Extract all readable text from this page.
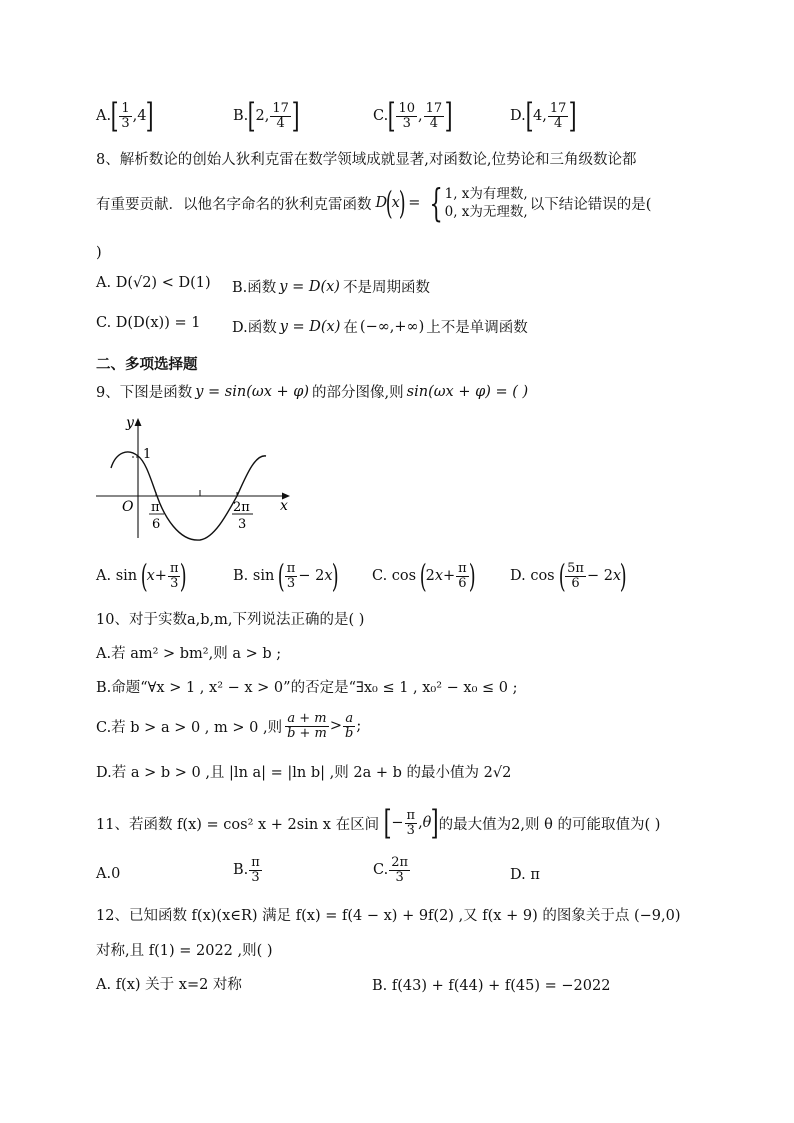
A. [ $\frac{1}{3}$ , 4 ]	B. [ 2, $\frac{17}{4}$ ]	C. [ $\frac{10}{3}$ , $\frac{17}{4}$ ]	D. [ 4, $\frac{17}{4}$ ]
8、解析数论的创始人狄利克雷在数学领域成就显著,对函数论,位势论和三角级数论都
有重要贡献．以他名字命名的狄利克雷函数 D
(
x
) = { 1, x为有理数,
0, x为无理数, 以下结论错误的是(
)
A. D(√2) < D(1) B.函数 y = D(x) 不是周期函数
C. D(D(x)) = 1 D.函数 y = D(x) 在 (−∞,+∞) 上不是单调函数
二、多项选择题
9、下图是函数 y = sin(ωx + φ) 的部分图像,则 sin(ωx + φ) = ( )
y
x
O
1
π
6
2π
3
A. sin (
$x + \frac{\pi}{3}$ )	B. sin ( $\frac{\pi}{3} - 2$ x
) C. cos (
2 $x + \frac{\pi}{6}$ ) D. cos ( $\frac{5\pi}{6} - 2$ x
)
10、对于实数a,b,m,下列说法正确的是( )
A.若 am² > bm²,则 a > b ;
B.命题“∀x > 1 , x² − x > 0”的否定是“∃x₀ ≤ 1 , x₀² − x₀ ≤ 0 ;
C.若 b > a > 0 , m > 0 ,则 $\frac{a + m}{b + m} > \frac{a}{b}$ ;
D.若 a > b > 0 ,且 |ln a| = |ln b| ,则 2a + b 的最小值为 2√2
11、若函数 f(x) = cos² x + 2sin x 在区间 [ − $\frac{\pi}{3}$ , θ ] 的最大值为2,则 θ 的可能取值为( )
A.0	B. $\frac{\pi}{3}$	C. $\frac{2\pi}{3}$	D. π
12、已知函数 f(x)(x∈R) 满足 f(x) = f(4 − x) + 9f(2) ,又 f(x + 9) 的图象关于点 (−9,0)
对称,且 f(1) = 2022 ,则( )
A. f(x) 关于 x=2 对称	B. f(43) + f(44) + f(45) = −2022
